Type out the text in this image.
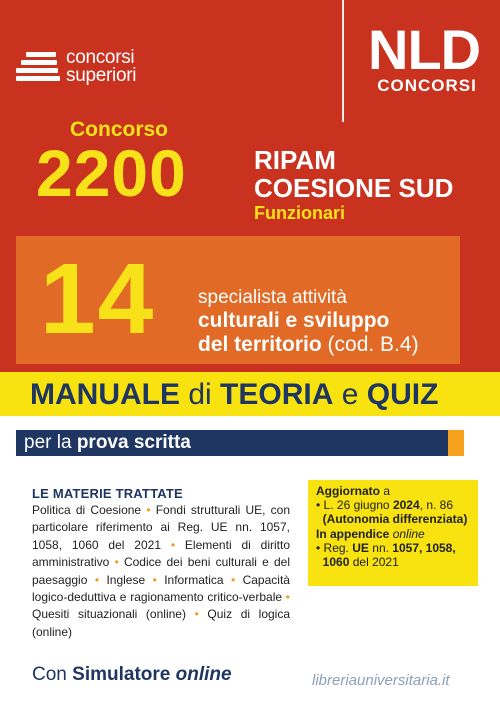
concorsi
superiori	NLD
CONCORSI
Concorso
2200	RIPAM
COESIONE SUD
Funzionari
14 specialista attività
culturali e sviluppo
del territorio (cod. B.4)
MANUALE di TEORIA e QUIZ
per la prova scritta
LE MATERIE TRATTATE
Politica di Coesione • Fondi strutturali UE, con particolare riferimento ai Reg. UE nn. 1057, 1058, 1060 del 2021 • Elementi di diritto amministrativo • Codice dei beni culturali e del paesaggio • Inglese • Informatica • Capacità logico-deduttiva e ragionamento critico-verbale • Quesiti situazionali (online) • Quiz di logica (online)
Aggiornato a
• L. 26 giugno 2024, n. 86
(Autonomia differenziata)
In appendice online
• Reg. UE nn. 1057, 1058,
1060 del 2021
Con Simulatore online	libreriauniversitaria.it
